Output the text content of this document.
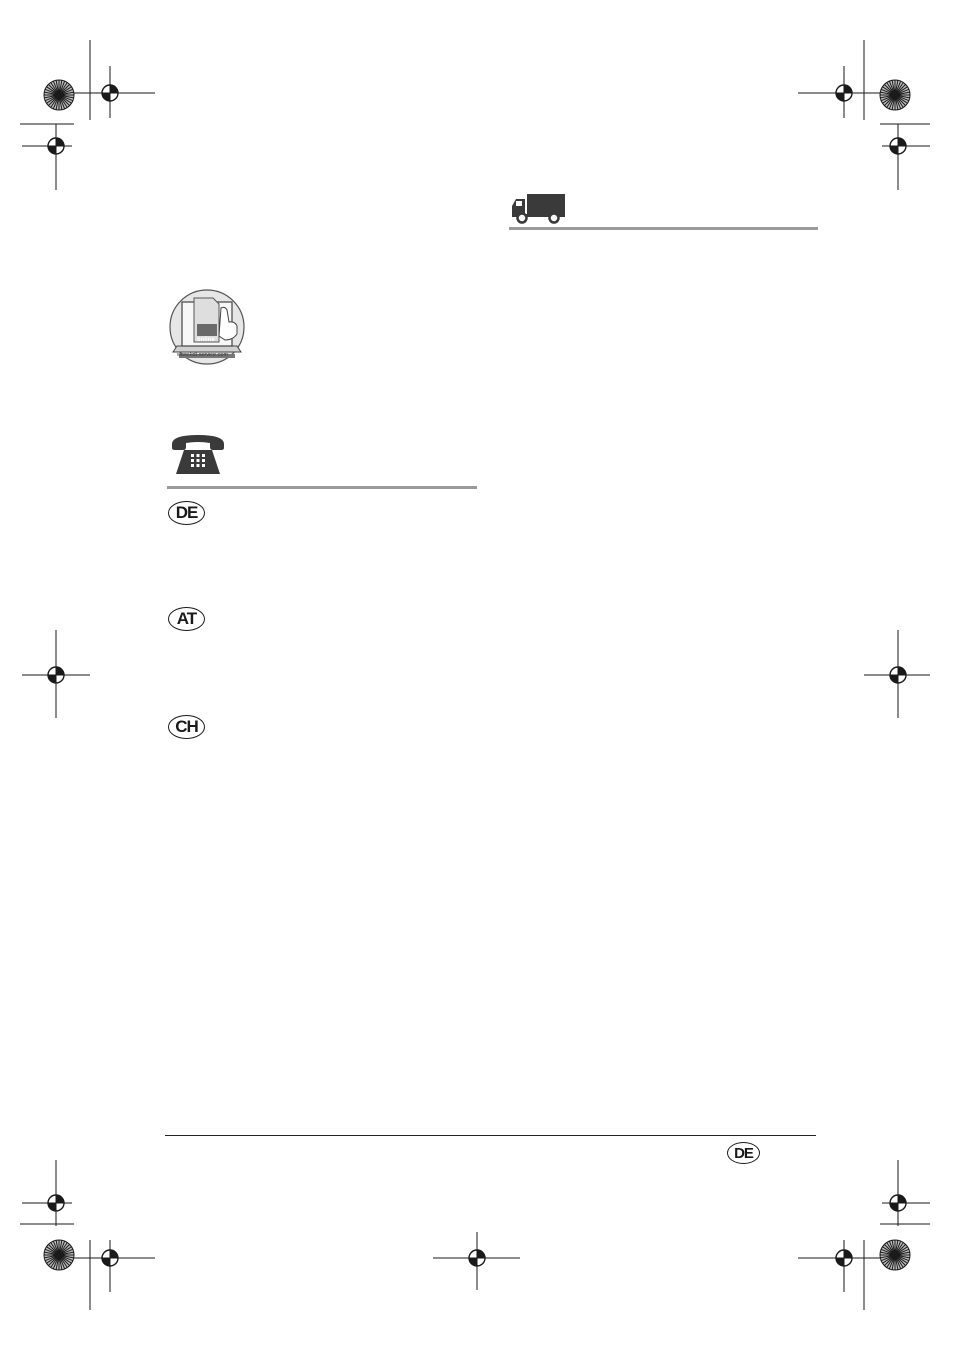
online
www.lidl-service.com
DE
AT
CH
DE
